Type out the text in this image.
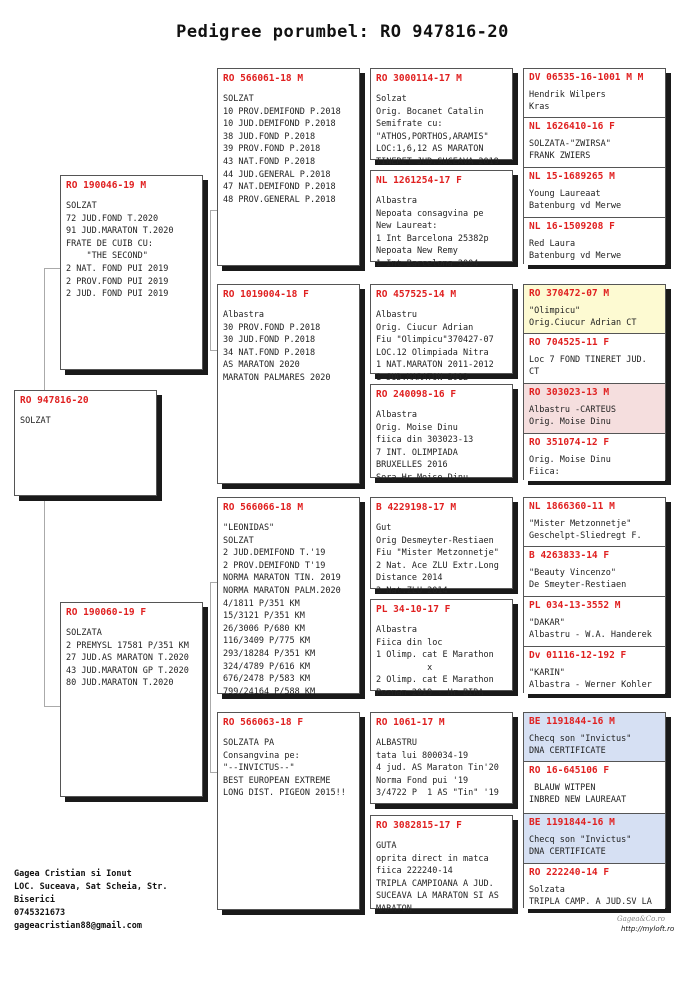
Pedigree porumbel: RO 947816-20
RO 947816-20
SOLZAT
RO 190046-19 M
SOLZAT
72 JUD.FOND T.2020
91 JUD.MARATON T.2020
FRATE DE CUIB CU:
"THE SECOND"
2 NAT. FOND PUI 2019
2 PROV.FOND PUI 2019
2 JUD. FOND PUI 2019
RO 190060-19 F
SOLZATA
2 PREMYSL 17581 P/351 KM
27 JUD.AS MARATON T.2020
43 JUD.MARATON GP T.2020
80 JUD.MARATON T.2020
RO 566061-18 M
SOLZAT
10 PROV.DEMIFOND P.2018
10 JUD.DEMIFOND P.2018
38 JUD.FOND P.2018
39 PROV.FOND P.2018
43 NAT.FOND P.2018
44 JUD.GENERAL P.2018
47 NAT.DEMIFOND P.2018
48 PROV.GENERAL P.2018
RO 1019004-18 F
Albastra
30 PROV.FOND P.2018
30 JUD.FOND P.2018
34 NAT.FOND P.2018
AS MARATON 2020
MARATON PALMARES 2020
RO 566066-18 M
"LEONIDAS"
SOLZAT
2 JUD.DEMIFOND T.'19
2 PROV.DEMIFOND T'19
NORMA MARATON TIN. 2019
NORMA MARATON PALM.2020
4/1811 P/351 KM
15/3121 P/351 KM
26/3006 P/680 KM
116/3409 P/775 KM
293/18284 P/351 KM
324/4789 P/616 KM
676/2478 P/583 KM
799/24164 P/588 KM
RO 566063-18 F
SOLZATA PA
Consangvina pe:
"--INVICTUS--"
BEST EUROPEAN EXTREME
LONG DIST. PIGEON 2015!!
RO 3000114-17 M
Solzat
Orig. Bocanet Catalin
Semifrate cu:
"ATHOS,PORTHOS,ARAMIS"
LOC:1,6,12 AS MARATON
TINERET JUD.SUCEAVA 2019
NL 1261254-17 F
Albastra
Nepoata consagvina pe
New Laureat:
1 Int Barcelona 25382p
Nepoata New Remy
1 Int Barcelona 2004
RO 457525-14 M
Albastru
Orig. Ciucur Adrian
Fiu "Olimpicu"370427-07
LOC.12 Olimpiada Nitra
1 NAT.MARATON 2011-2012
1 JUD.MARATON 2012
RO 240098-16 F
Albastra
Orig. Moise Dinu
fiica din 303023-13
7 INT. OLIMPIADA
BRUXELLES 2016
Sora Hr.Moise Dinu
B 4229198-17 M
Gut
Orig Desmeyter-Restiaen
Fiu "Mister Metzonnetje"
2 Nat. Ace ZLU Extr.Long
Distance 2014
3 Nat.ZLU 2014
PL 34-10-17 F
Albastra
Fiica din loc
1 Olimp. cat E Marathon
x
2 Olimp. cat E Marathon
Poznan 2019 - Hr BIRA
RO 1061-17 M
ALBASTRU
tata lui 800034-19
4 jud. AS Maraton Tin'20
Norma Fond pui '19
3/4722 P  1 AS "Tin" '19
RO 3082815-17 F
GUTA
oprita direct in matca
fiica 222240-14
TRIPLA CAMPIOANA A JUD.
SUCEAVA LA MARATON SI AS
MARATON
DV 06535-16-1001 M M
Hendrik Wilpers
Kras
NL 1626410-16 F
SOLZATA-"ZWIRSA"
FRANK ZWIERS
NL 15-1689265 M
Young Laureaat
Batenburg vd Merwe
NL 16-1509208 F
Red Laura
Batenburg vd Merwe
RO 370472-07 M
"Olimpicu"
Orig.Ciucur Adrian CT
RO 704525-11 F
Loc 7 FOND TINERET JUD.
CT
RO 303023-13 M
Albastru -CARTEUS
Orig. Moise Dinu
RO 351074-12 F
Orig. Moise Dinu
Fiica:
NL 1866360-11 M
"Mister Metzonnetje"
Geschelpt-Sliedregt F.
B 4263833-14 F
"Beauty Vincenzo"
De Smeyter-Restiaen
PL 034-13-3552 M
"DAKAR"
Albastru - W.A. Handerek
Dv 01116-12-192 F
"KARIN"
Albastra - Werner Kohler
BE 1191844-16 M
Checq son "Invictus"
DNA CERTIFICATE
RO 16-645106 F
BLAUW WITPEN
INBRED NEW LAUREAAT
BE 1191844-16 M
Checq son "Invictus"
DNA CERTIFICATE
RO 222240-14 F
Solzata
TRIPLA CAMP. A JUD.SV LA
Gagea Cristian si Ionut
LOC. Suceava, Sat Scheia, Str.
Biserici
0745321673
gageacristian88@gmail.com
Gagea&Co.ro
http://myloft.ro
